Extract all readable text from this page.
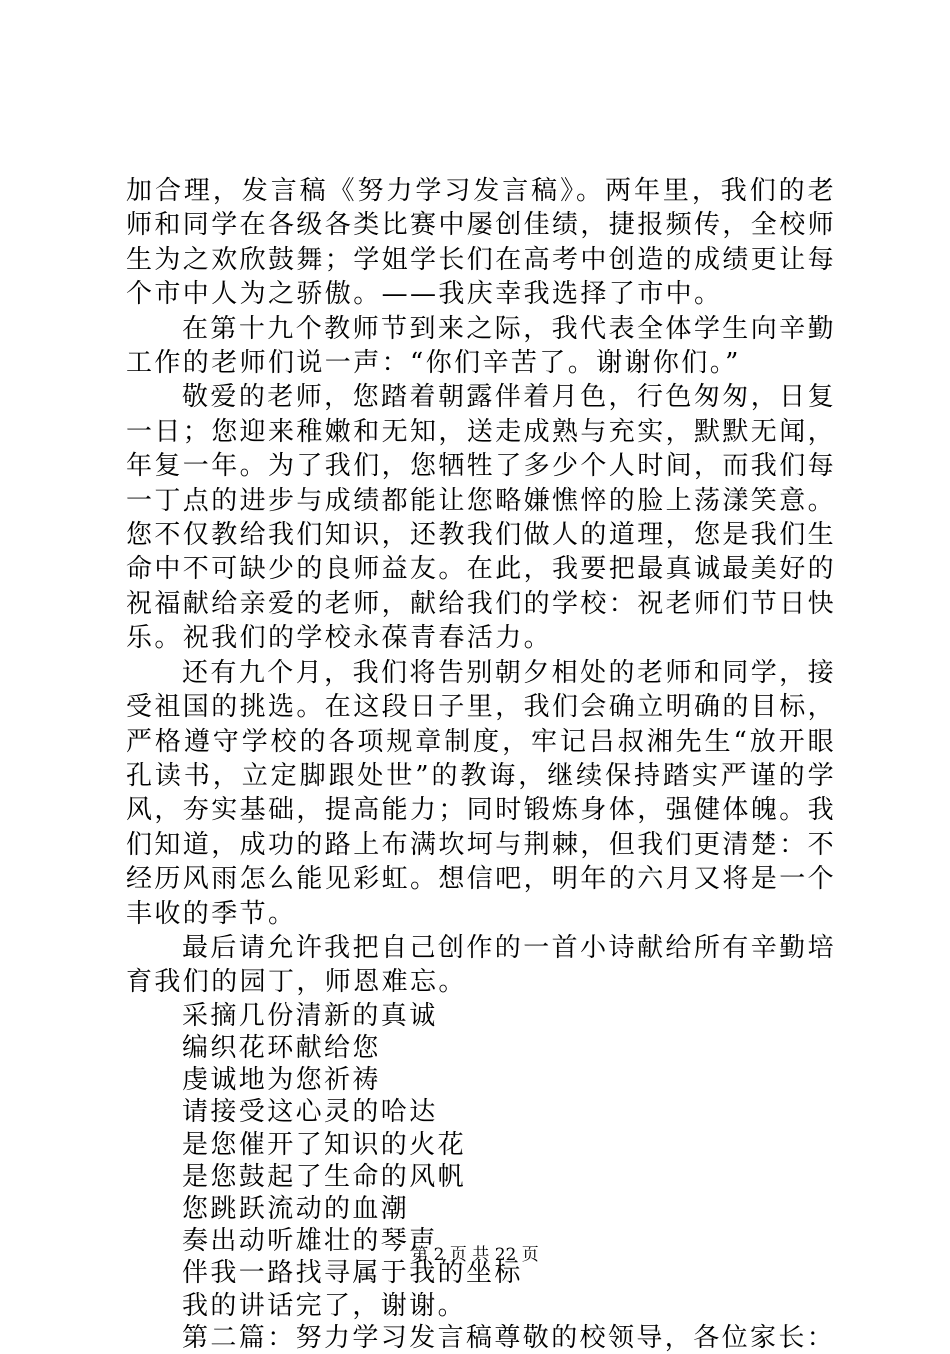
加合理，发言稿《努力学习发言稿》。两年里，我们的老师和同学在各级各类比赛中屡创佳绩，捷报频传，全校师生为之欢欣鼓舞；学姐学长们在高考中创造的成绩更让每个市中人为之骄傲。——我庆幸我选择了市中。

在第十九个教师节到来之际，我代表全体学生向辛勤工作的老师们说一声：“你们辛苦了。谢谢你们。”

敬爱的老师，您踏着朝露伴着月色，行色匆匆，日复一日；您迎来稚嫩和无知，送走成熟与充实，默默无闻，年复一年。为了我们，您牺牲了多少个人时间，而我们每一丁点的进步与成绩都能让您略嫌憔悴的脸上荡漾笑意。您不仅教给我们知识，还教我们做人的道理，您是我们生命中不可缺少的良师益友。在此，我要把最真诚最美好的祝福献给亲爱的老师，献给我们的学校：祝老师们节日快乐。祝我们的学校永葆青春活力。

还有九个月，我们将告别朝夕相处的老师和同学，接受祖国的挑选。在这段日子里，我们会确立明确的目标，严格遵守学校的各项规章制度，牢记吕叔湘先生“放开眼孔读书，立定脚跟处世”的教诲，继续保持踏实严谨的学风，夯实基础，提高能力；同时锻炼身体，强健体魄。我们知道，成功的路上布满坎坷与荆棘，但我们更清楚：不经历风雨怎么能见彩虹。想信吧，明年的六月又将是一个丰收的季节。

最后请允许我把自己创作的一首小诗献给所有辛勤培育我们的园丁，师恩难忘。

采摘几份清新的真诚

编织花环献给您

虔诚地为您祈祷

请接受这心灵的哈达

是您催开了知识的火花

是您鼓起了生命的风帆

您跳跃流动的血潮

奏出动听雄壮的琴声

伴我一路找寻属于我的坐标

我的讲话完了，谢谢。

第二篇：努力学习发言稿尊敬的校领导，各位家长：

第 2 页 共 22 页
